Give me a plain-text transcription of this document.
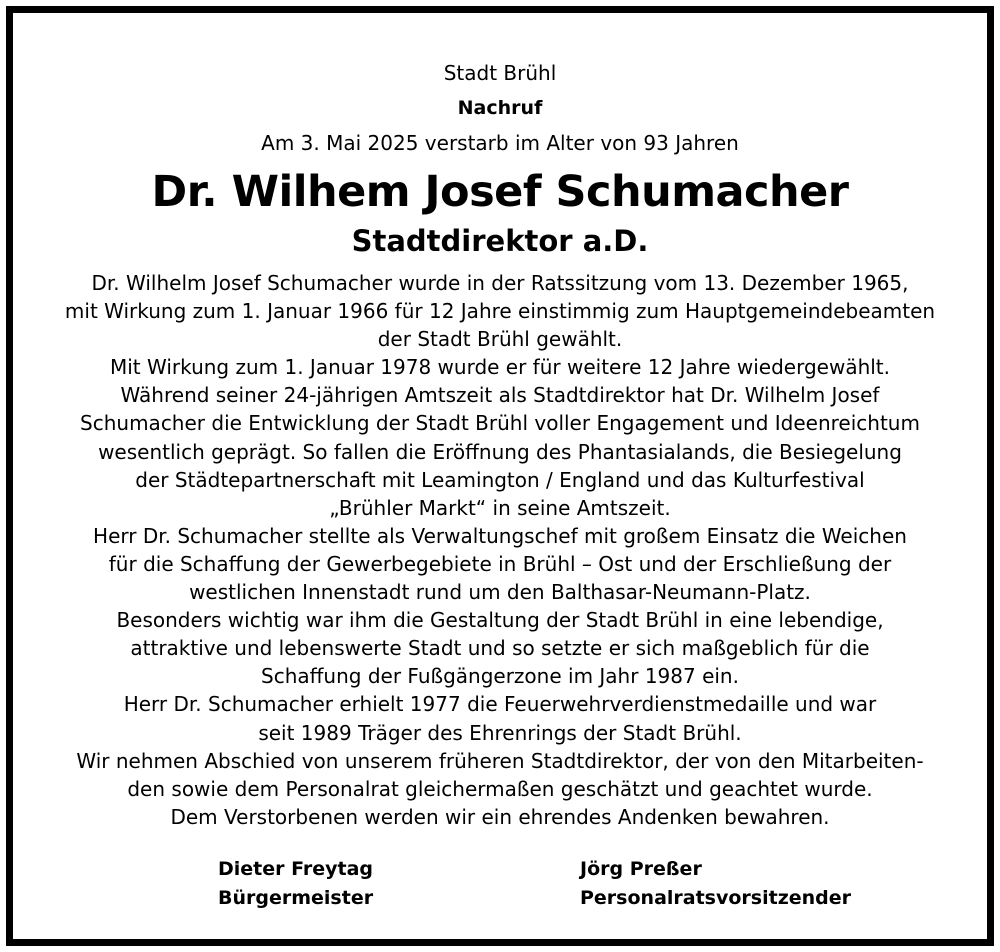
Stadt Brühl
Nachruf
Am 3. Mai 2025 verstarb im Alter von 93 Jahren
Dr. Wilhem Josef Schumacher
Stadtdirektor a.D.
Dr. Wilhelm Josef Schumacher wurde in der Ratssitzung vom 13. Dezember 1965,
mit Wirkung zum 1. Januar 1966 für 12 Jahre einstimmig zum Hauptgemeindebeamten
der Stadt Brühl gewählt.
Mit Wirkung zum 1. Januar 1978 wurde er für weitere 12 Jahre wiedergewählt.
Während seiner 24-jährigen Amtszeit als Stadtdirektor hat Dr. Wilhelm Josef
Schumacher die Entwicklung der Stadt Brühl voller Engagement und Ideenreichtum
wesentlich geprägt. So fallen die Eröffnung des Phantasialands, die Besiegelung
der Städtepartnerschaft mit Leamington / England und das Kulturfestival
„Brühler Markt“ in seine Amtszeit.
Herr Dr. Schumacher stellte als Verwaltungschef mit großem Einsatz die Weichen
für die Schaffung der Gewerbegebiete in Brühl – Ost und der Erschließung der
westlichen Innenstadt rund um den Balthasar-Neumann-Platz.
Besonders wichtig war ihm die Gestaltung der Stadt Brühl in eine lebendige,
attraktive und lebenswerte Stadt und so setzte er sich maßgeblich für die
Schaffung der Fußgängerzone im Jahr 1987 ein.
Herr Dr. Schumacher erhielt 1977 die Feuerwehrverdienstmedaille und war
seit 1989 Träger des Ehrenrings der Stadt Brühl.
Wir nehmen Abschied von unserem früheren Stadtdirektor, der von den Mitarbeiten-
den sowie dem Personalrat gleichermaßen geschätzt und geachtet wurde.
Dem Verstorbenen werden wir ein ehrendes Andenken bewahren.
Dieter Freytag
Bürgermeister
Jörg Preßer
Personalratsvorsitzender
